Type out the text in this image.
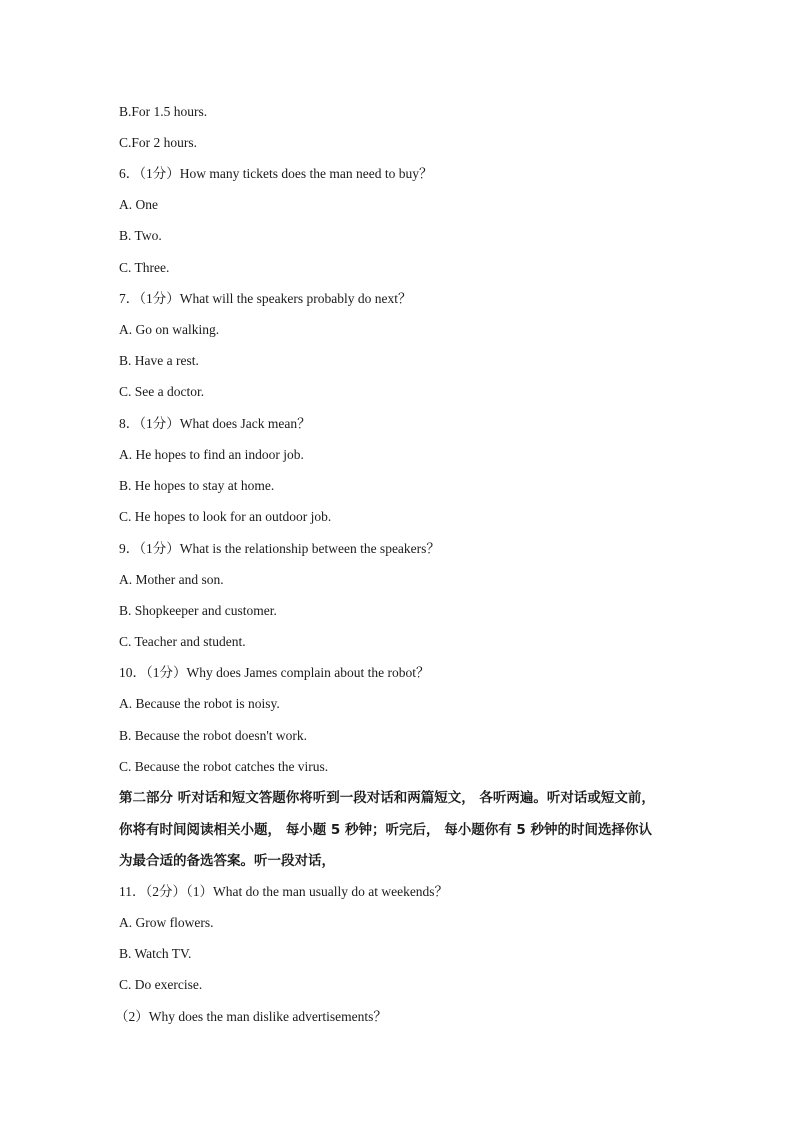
B.For 1.5 hours.
C.For 2 hours.
6．（1分）How many tickets does the man need to buy？
A. One
B. Two.
C. Three.
7．（1分）What will the speakers probably do next？
A. Go on walking.
B. Have a rest.
C. See a doctor.
8．（1分）What does Jack mean？
A. He hopes to find an indoor job.
B. He hopes to stay at home.
C. He hopes to look for an outdoor job.
9．（1分）What is the relationship between the speakers？
A. Mother and son.
B. Shopkeeper and customer.
C. Teacher and student.
10．（1分）Why does James complain about the robot？
A. Because the robot is noisy.
B. Because the robot doesn't work.
C. Because the robot catches the virus.
第二部分 听对话和短文答题你将听到一段对话和两篇短文， 各听两遍。听对话或短文前，
你将有时间阅读相关小题， 每小题 5 秒钟；听完后， 每小题你有 5 秒钟的时间选择你认
为最合适的备选答案。听一段对话，
11．（2分）（1）What do the man usually do at weekends？
A. Grow flowers.
B. Watch TV.
C. Do exercise.
（2）Why does the man dislike advertisements？
